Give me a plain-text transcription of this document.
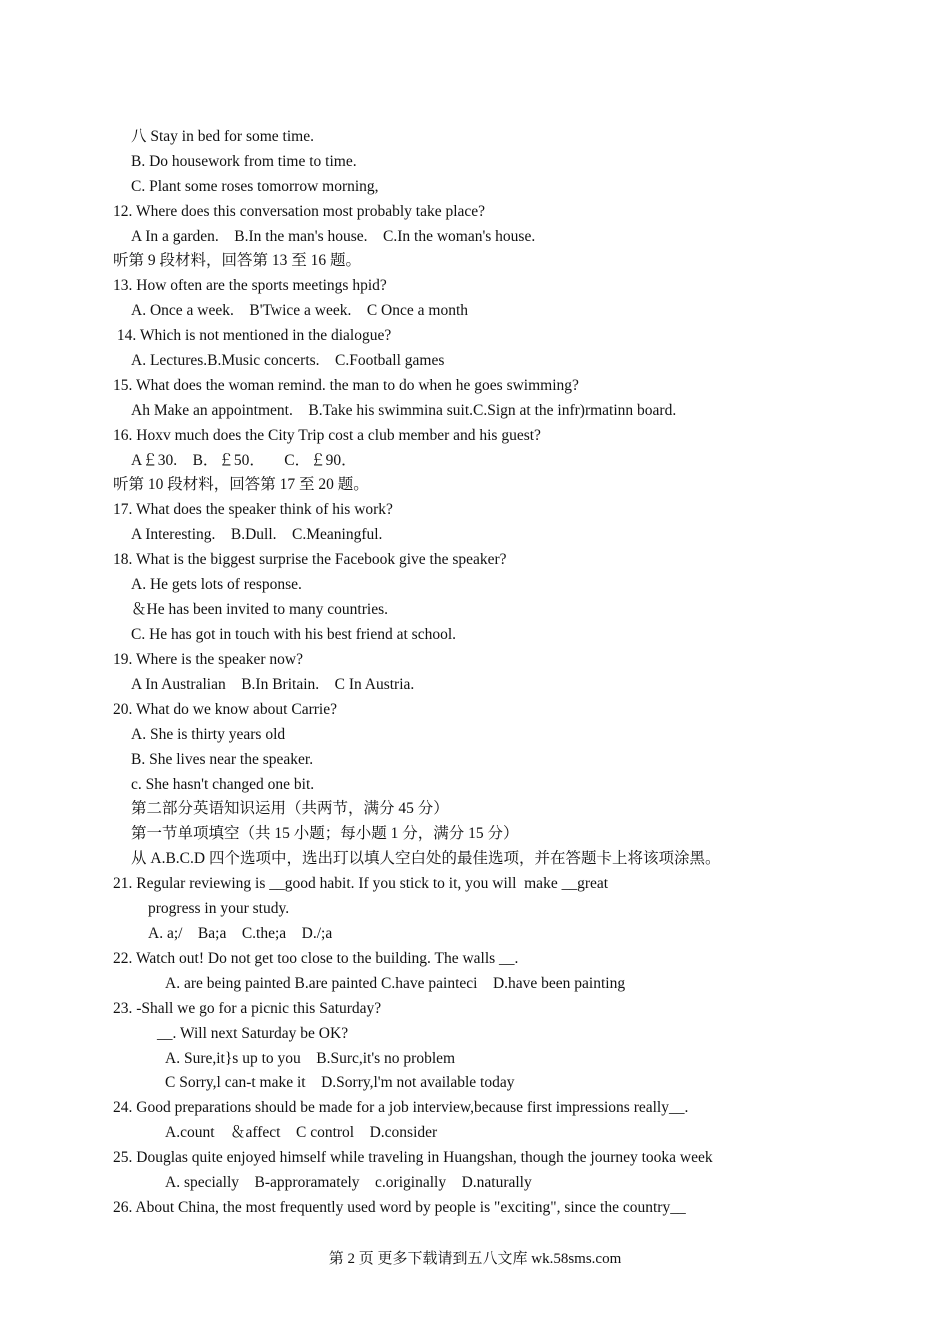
八 Stay in bed for some time.
B. Do housework from time to time.
C. Plant some roses tomorrow morning,
12. Where does this conversation most probably take place?
A In a garden.    B.In the man's house.    C.In the woman's house.
听第 9 段材料，回答第 13 至 16 题。
13. How often are the sports meetings hpid?
A. Once a week.    B'Twice a week.    C Once a month
14. Which is not mentioned in the dialogue?
A. Lectures.B.Music concerts.    C.Football games
15. What does the woman remind. the man to do when he goes swimming?
Ah Make an appointment.    B.Take his swimmina suit.C.Sign at the infr)rmatinn board.
16. Hoxv much does the City Trip cost a club member and his guest?
A￡30.    B．￡50．     C．￡90．
听第 10 段材料，回答第 17 至 20 题。
17. What does the speaker think of his work?
A Interesting.    B.Dull.    C.Meaningful.
18. What is the biggest surprise the Facebook give the speaker?
A. He gets lots of response.
＆He has been invited to many countries.
C. He has got in touch with his best friend at school.
19. Where is the speaker now?
A In Australian    B.In Britain.    C In Austria.
20. What do we know about Carrie?
A. She is thirty years old
B. She lives near the speaker.
c. She hasn't changed one bit.
第二部分英语知识运用（共两节，满分 45 分）
第一节单项填空（共 15 小题；每小题 1 分，满分 15 分）
从 A.B.C.D 四个选项中，选出玎以填人空白处的最佳选项，并在答题卡上将该项涂黑。
21. Regular reviewing is __good habit. If you stick to it, you will  make __great
progress in your study.
A. a;/    Ba;a    C.the;a    D./;a
22. Watch out! Do not get too close to the building. The walls __.
A. are being painted B.are painted C.have painteci    D.have been painting
23. -Shall we go for a picnic this Saturday?
__. Will next Saturday be OK?
A. Sure,it}s up to you    B.Surc,it's no problem
C Sorry,l can-t make it    D.Sorry,l'm not available today
24. Good preparations should be made for a job interview,because first impressions really__.
A.count    ＆affect    C control    D.consider
25. Douglas quite enjoyed himself while traveling in Huangshan, though the journey tooka week
A. specially    B-approramately    c.originally    D.naturally
26. About China, the most frequently used word by people is "exciting", since the country__
第 2 页 更多下载请到五八文库 wk.58sms.com
